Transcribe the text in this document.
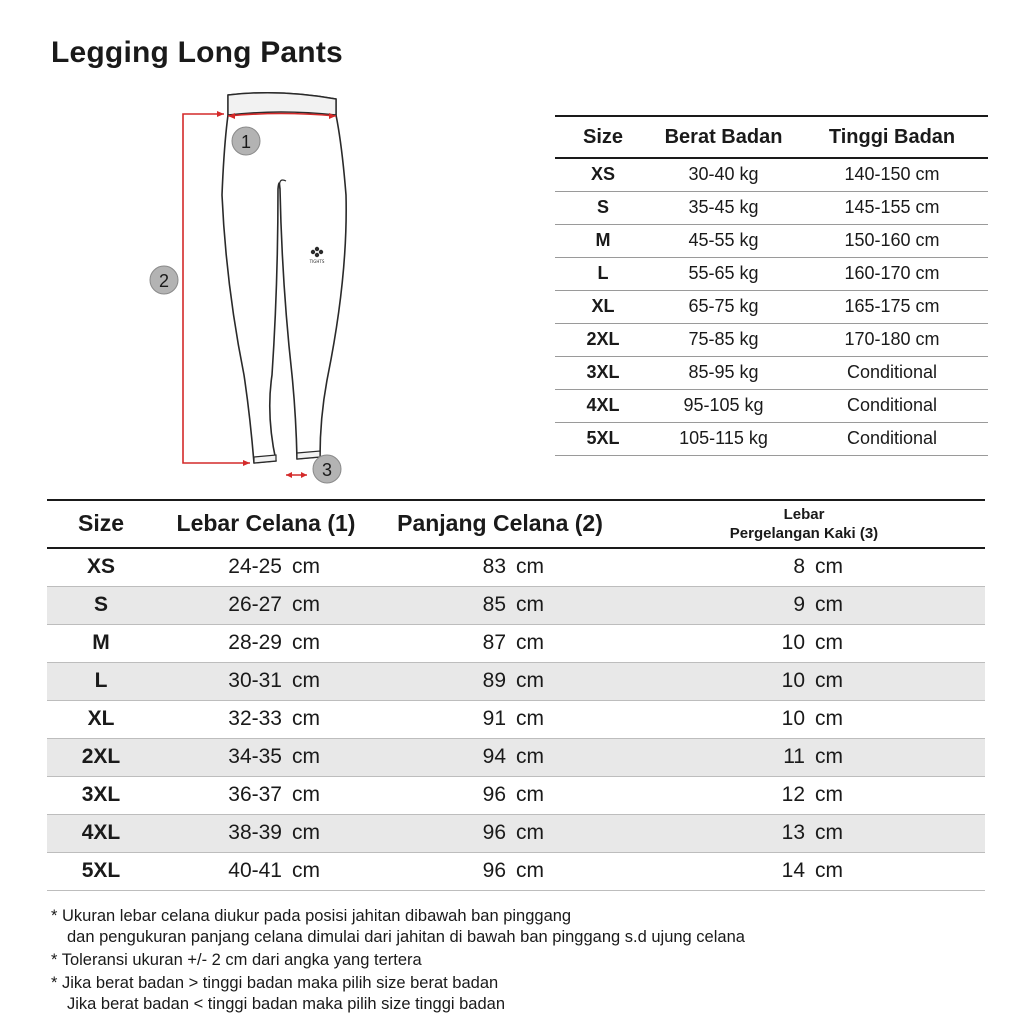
Legging Long Pants
TIGHTS
1
2
3
Size	Berat Badan	Tinggi Badan
XS	30-40 kg	140-150 cm
S	35-45 kg	145-155 cm
M	45-55 kg	150-160 cm
L	55-65 kg	160-170 cm
XL	65-75 kg	165-175 cm
2XL	75-85 kg	170-180 cm
3XL	85-95 kg	Conditional
4XL	95-105 kg	Conditional
5XL	105-115 kg	Conditional
Size	Lebar Celana (1)	Panjang Celana (2)	Lebar
Pergelangan Kaki (3)
XS	24-25 cm	83 cm	8 cm
S	26-27 cm	85 cm	9 cm
M	28-29 cm	87 cm	10 cm
L	30-31 cm	89 cm	10 cm
XL	32-33 cm	91 cm	10 cm
2XL	34-35 cm	94 cm	11 cm
3XL	36-37 cm	96 cm	12 cm
4XL	38-39 cm	96 cm	13 cm
5XL	40-41 cm	96 cm	14 cm

* Ukuran lebar celana diukur pada posisi jahitan dibawah ban pinggang

dan pengukuran panjang celana dimulai dari jahitan di bawah ban pinggang s.d ujung celana

* Toleransi ukuran +/- 2 cm dari angka yang tertera

* Jika berat badan > tinggi badan maka pilih size berat badan

Jika berat badan < tinggi badan maka pilih size tinggi badan
